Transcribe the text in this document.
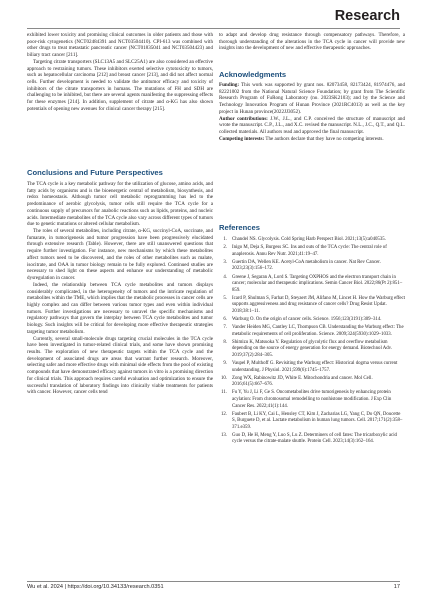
Research

exhibited lower toxicity and promising clinical outcomes in older patients and those with poor-risk cytogenetics (NCT02484391 and NCT03504410). CPI-613 was combined with other drugs to treat metastatic pancreatic cancer (NCT01835041 and NCT03504423) and biliary tract cancer [211].

Targeting citrate transporters (SLC13A5 and SLC25A1) are also considered an effective approach to restraining tumors. These inhibitors exerted selective cytotoxicity to tumors, such as hepatocellular carcinoma [212] and breast cancer [213], and did not affect normal cells. Further development is needed to validate the antitumor efficacy and toxicity of inhibitors of the citrate transporters in humans. The mutations of FH and SDH are challenging to be inhibited, but there are several agents manifesting the suppressing effects for these enzymes [214]. In addition, supplement of citrate and α-KG has also shown potentials of opening new avenues for clinical cancer therapy [215].

Conclusions and Future Perspectives

The TCA cycle is a key metabolic pathway for the utilization of glucose, amino acids, and fatty acids by organisms and is the bioenergetic central of metabolism, biosynthesis, and redox homeostasis. Although tumor cell metabolic reprogramming has led to the predominance of aerobic glycolysis, tumor cells still require the TCA cycle for a continuous supply of precursors for anabolic reactions such as lipids, proteins, and nucleic acids. Intermediate metabolites of the TCA cycle also vary across different types of tumors due to genetic mutations or altered cellular metabolism.

The roles of several metabolites, including citrate, α-KG, succinyl-CoA, succinate, and fumarate, in tumorigenesis and tumor progression have been progressively elucidated through extensive research (Table). However, there are still unanswered questions that require further investigation. For instance, new mechanisms by which these metabolites affect tumors need to be discovered, and the roles of other metabolites such as malate, isocitrate, and OAA in tumor biology remain to be fully explored. Continued studies are necessary to shed light on these aspects and enhance our understanding of metabolic dysregulation in cancer.

Indeed, the relationship between TCA cycle metabolites and tumors displays considerably complicated, in the heterogeneity of tumors and the intricate regulation of metabolites within the TME, which implies that the metabolic processes in cancer cells are highly complex and can differ between various tumor types and even within individual tumors. Further investigations are necessary to unravel the specific mechanisms and regulatory pathways that govern the interplay between TCA cycle metabolites and tumor biology. Such insights will be critical for developing more effective therapeutic strategies targeting tumor metabolism.

Currently, several small-molecule drugs targeting crucial molecules in the TCA cycle have been investigated in tumor-related clinical trials, and some have shown promising results. The exploration of new therapeutic targets within the TCA cycle and the development of associated drugs are areas that warrant further research. Moreover, selecting safer and more effective drugs with minimal side effects from the pool of existing compounds that have demonstrated efficacy against tumors in vitro is a promising direction for clinical trials. This approach requires careful evaluation and optimization to ensure the successful translation of laboratory findings into clinically viable treatments for patients with cancer. However, cancer cells tend

to adapt and develop drug resistance through compensatory pathways. Therefore, a thorough understanding of the alterations in the TCA cycle in cancer will provide new insights into the development of new and effective therapeutic approaches.

Acknowledgments

Funding: This work was supported by grant nos. 82073458, 82173424, 81974476, and 82221002 from the National Natural Science Foundation; by grant from The Scientific Research Program of FuRong Laboratory (no. 2023SK2103); and by the Science and Technology Innovation Program of Hunan Province (2021RC4013) as well as the key project in Hunan province(2022JJ3052).

Author contributions: J.W., J.L., and C.P. conceived the structure of manuscript and wrote the manuscript. C.P., J.L., and X.C. revised the manuscript. N.L., J.C., Q.T., and Q.L. collected materials. All authors read and approved the final manuscript.

Competing interests: The authors declare that they have no competing interests.

References
1.	Chandel NS. Glycolysis. Cold Spring Harb Perspect Biol. 2021;13(5):a040535.
2.	Inigo M, Deja S, Burgess SC. Ins and outs of the TCA cycle: The central role of anaplerosis. Annu Rev Nutr. 2021;41:19–47.
3.	Guertin DA, Wellen KE. Acetyl-CoA metabolism in cancer. Nat Rev Cancer. 2023;23(3):156–172.
4.	Greene J, Segaran A, Lord S. Targeting OXPHOS and the electron transport chain in cancer; molecular and therapeutic implications. Semin Cancer Biol. 2022;86(Pt 2):851–859.
5.	Icard P, Shulman S, Farhat D, Steyaert JM, Alifano M, Lincet H. How the Warburg effect supports aggressiveness and drug resistance of cancer cells? Drug Resist Updat. 2018;38:1–11.
6.	Warburg O. On the origin of cancer cells. Science. 1956;123(3191):309–314.
7.	Vander Heiden MG, Cantley LC, Thompson CB. Understanding the Warburg effect: The metabolic requirements of cell proliferation. Science. 2009;324(5930):1029–1033.
8.	Shimizu K, Matsuoka Y. Regulation of glycolytic flux and overflow metabolism depending on the source of energy generation for energy demand. Biotechnol Adv. 2019;37(2):284–305.
9.	Vaupel P, Multhoff G. Revisiting the Warburg effect: Historical dogma versus current understanding. J Physiol. 2021;599(6):1745–1757.
10.	Zong WX, Rabinowitz JD, White E. Mitochondria and cancer. Mol Cell. 2016;61(5):667–676.
11.	Fu Y, Yu J, Li F, Ge S. Oncometabolites drive tumorigenesis by enhancing protein acylation: From chromosomal remodelling to nonhistone modification. J Exp Clin Cancer Res. 2022;41(1):144.
12.	Faubert B, Li KY, Cai L, Hensley CT, Kim J, Zacharias LG, Yang C, Do QN, Doucette S, Burguete D, et al. Lactate metabolism in human lung tumors. Cell. 2017;171(2):358–371.e359.
13.	Guo D, He H, Meng Y, Luo S, Lu Z. Determiners of cell fates: The tricarboxylic acid cycle versus the citrate-malate shuttle. Protein Cell. 2023;14(3):162–164.
Wu et al. 2024 | https://doi.org/10.34133/research.0351	17
